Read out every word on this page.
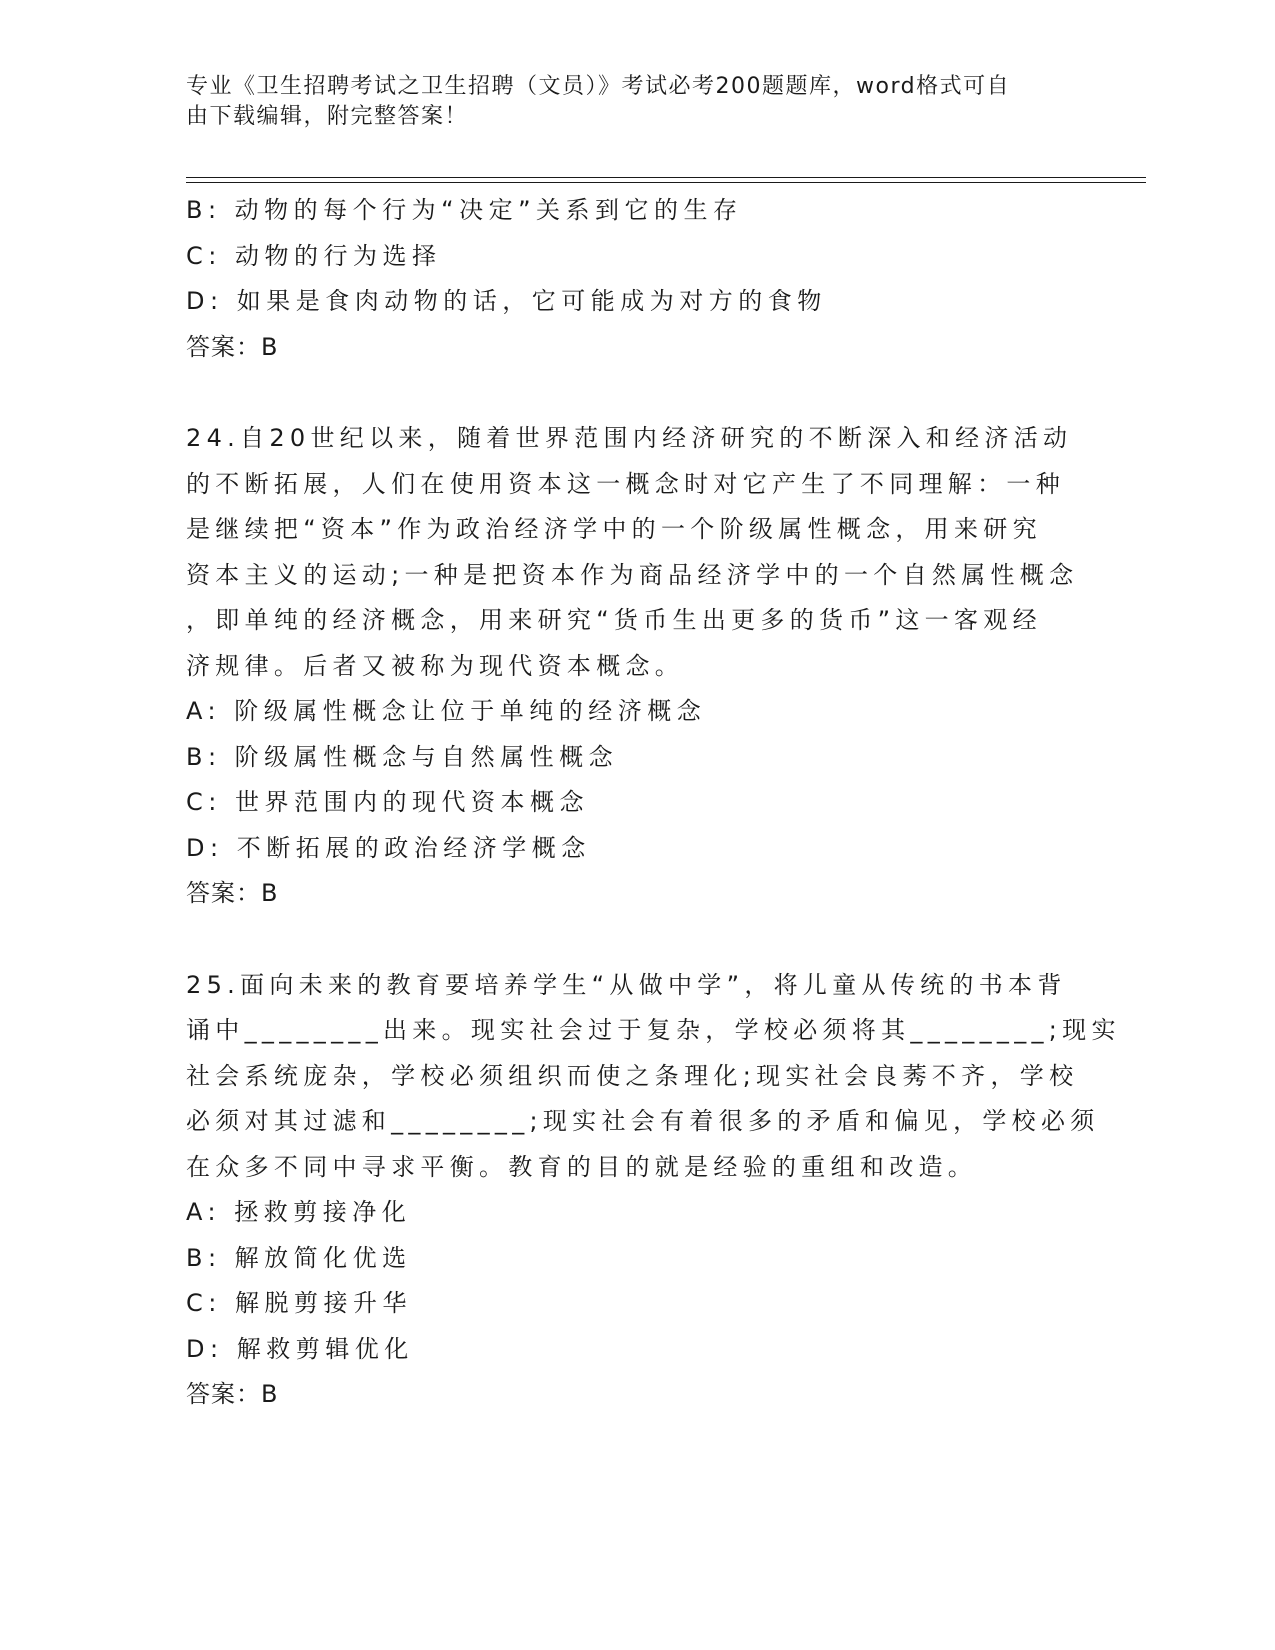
专业《卫生招聘考试之卫生招聘（文员）》考试必考200题题库，word格式可自
由下载编辑，附完整答案！
B: 动物的每个行为“决定”关系到它的生存
C: 动物的行为选择
D: 如果是食肉动物的话，它可能成为对方的食物
答案：B
24.自20世纪以来，随着世界范围内经济研究的不断深入和经济活动
的不断拓展，人们在使用资本这一概念时对它产生了不同理解：一种
是继续把“资本”作为政治经济学中的一个阶级属性概念，用来研究
资本主义的运动;一种是把资本作为商品经济学中的一个自然属性概念
，即单纯的经济概念，用来研究“货币生出更多的货币”这一客观经
济规律。后者又被称为现代资本概念。
A: 阶级属性概念让位于单纯的经济概念
B: 阶级属性概念与自然属性概念
C: 世界范围内的现代资本概念
D: 不断拓展的政治经济学概念
答案：B
25.面向未来的教育要培养学生“从做中学”，将儿童从传统的书本背
诵中________出来。现实社会过于复杂，学校必须将其________;现实
社会系统庞杂，学校必须组织而使之条理化;现实社会良莠不齐，学校
必须对其过滤和________;现实社会有着很多的矛盾和偏见，学校必须
在众多不同中寻求平衡。教育的目的就是经验的重组和改造。
A: 拯救剪接净化
B: 解放简化优选
C: 解脱剪接升华
D: 解救剪辑优化
答案：B
